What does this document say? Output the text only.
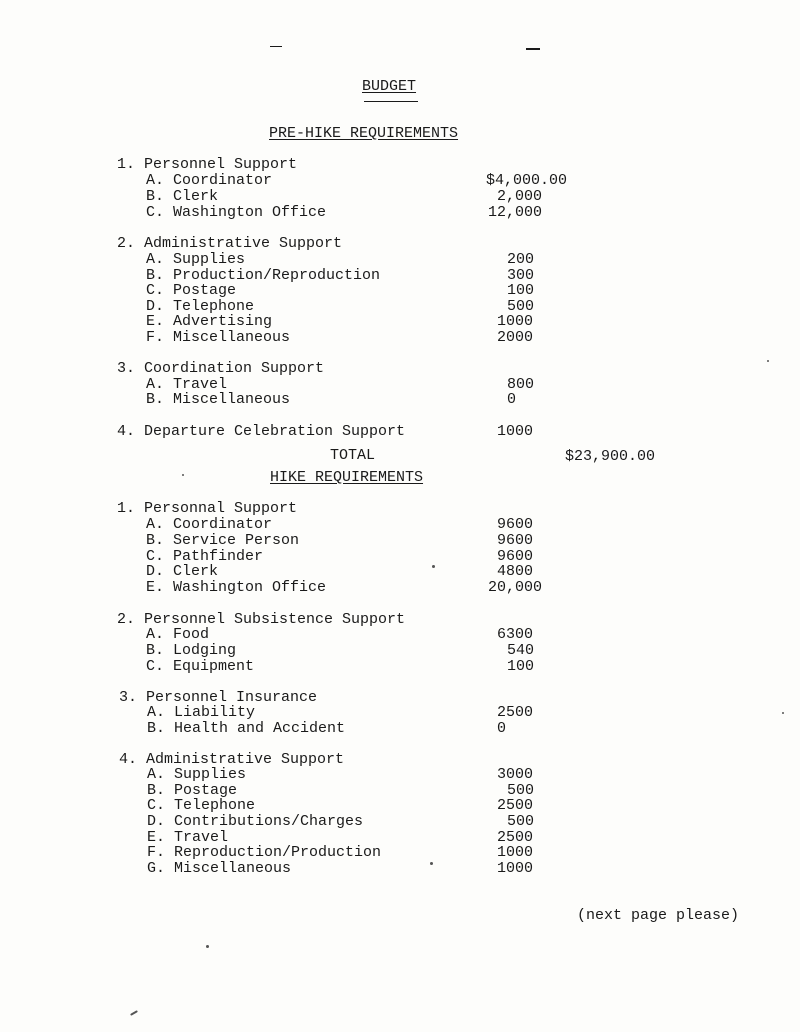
BUDGET
PRE-HIKE REQUIREMENTS
1. Personnel Support
A. Coordinator	$4,000.00
B. Clerk	2,000
C. Washington Office	12,000
2. Administrative Support
A. Supplies	200
B. Production/Reproduction	300
C. Postage	100
D. Telephone	500
E. Advertising	1000
F. Miscellaneous	2000
3. Coordination Support
A. Travel	800
B. Miscellaneous	0
4. Departure Celebration Support	1000
TOTAL	$23,900.00
HIKE REQUIREMENTS
1. Personnal Support
A. Coordinator	9600
B. Service Person	9600
C. Pathfinder	9600
D. Clerk	4800
E. Washington Office	20,000
2. Personnel Subsistence Support
A. Food	6300
B. Lodging	540
C. Equipment	100
3. Personnel Insurance
A. Liability	2500
B. Health and Accident	0
4. Administrative Support
A. Supplies	3000
B. Postage	500
C. Telephone	2500
D. Contributions/Charges	500
E. Travel	2500
F. Reproduction/Production	1000
G. Miscellaneous	1000
(next page please)
